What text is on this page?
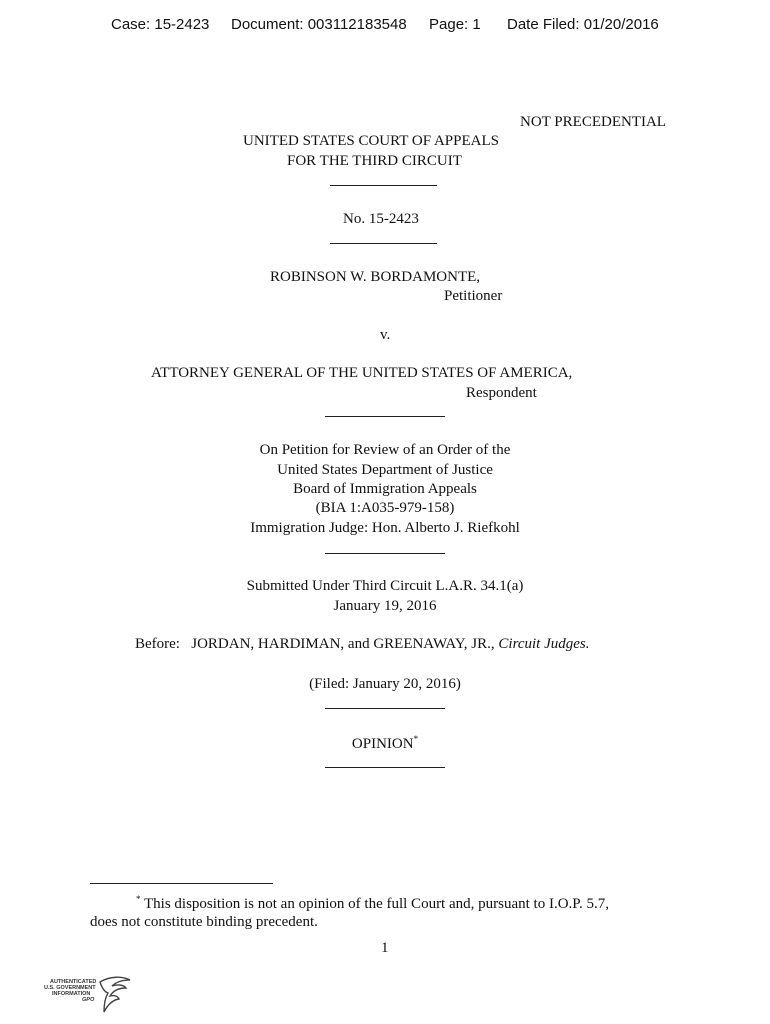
Case: 15-2423 Document: 003112183548 Page: 1 Date Filed: 01/20/2016
NOT PRECEDENTIAL
UNITED STATES COURT OF APPEALS
FOR THE THIRD CIRCUIT
No. 15-2423
ROBINSON W. BORDAMONTE,
Petitioner
v.
ATTORNEY GENERAL OF THE UNITED STATES OF AMERICA,
Respondent
On Petition for Review of an Order of the
United States Department of Justice
Board of Immigration Appeals
(BIA 1:A035-979-158)
Immigration Judge: Hon. Alberto J. Riefkohl
Submitted Under Third Circuit L.A.R. 34.1(a)
January 19, 2016
Before: JORDAN, HARDIMAN, and GREENAWAY, JR., Circuit Judges.
(Filed: January 20, 2016)
OPINION*
* This disposition is not an opinion of the full Court and, pursuant to I.O.P. 5.7,
does not constitute binding precedent.
1
AUTHENTICATED
U.S. GOVERNMENT
INFORMATION
GPO
